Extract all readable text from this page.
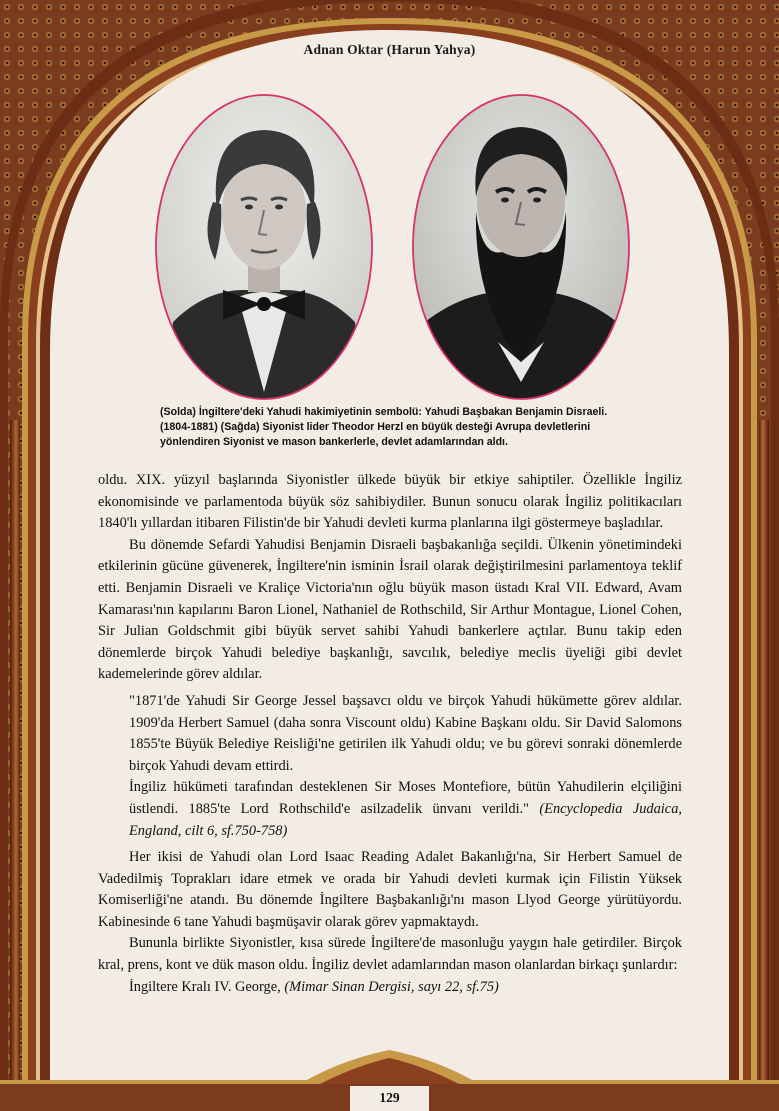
Adnan Oktar (Harun Yahya)
(Solda) İngiltere'deki Yahudi hakimiyetinin sembolü: Yahudi Başbakan Benjamin Disraeli. (1804-1881) (Sağda) Siyonist lider Theodor Herzl en büyük desteği Avrupa devletlerini yönlendiren Siyonist ve mason bankerlerle, devlet adamlarından aldı.

oldu. XIX. yüzyıl başlarında Siyonistler ülkede büyük bir etkiye sahiptiler. Özellikle İngiliz ekonomisinde ve parlamentoda büyük söz sahibiydiler. Bunun sonucu olarak İngiliz politikacıları 1840'lı yıllardan itibaren Filistin'de bir Yahudi devleti kurma planlarına ilgi göstermeye başladılar.

Bu dönemde Sefardi Yahudisi Benjamin Disraeli başbakanlığa seçildi. Ülkenin yönetimindeki etkilerinin gücüne güvenerek, İngiltere'nin isminin İsrail olarak değiştirilmesini parlamentoya teklif etti. Benjamin Disraeli ve Kraliçe Victoria'nın oğlu büyük mason üstadı Kral VII. Edward, Avam Kamarası'nın kapılarını Baron Lionel, Nathaniel de Rothschild, Sir Arthur Montague, Lionel Cohen, Sir Julian Goldschmit gibi büyük servet sahibi Yahudi bankerlere açtılar. Bunu takip eden dönemlerde birçok Yahudi belediye başkanlığı, savcılık, belediye meclis üyeliği gibi devlet kademelerinde görev aldılar.

"1871'de Yahudi Sir George Jessel başsavcı oldu ve birçok Yahudi hükümette görev aldılar. 1909'da Herbert Samuel (daha sonra Viscount oldu) Kabine Başkanı oldu. Sir David Salomons 1855'te Büyük Belediye Reisliği'ne getirilen ilk Yahudi oldu; ve bu görevi sonraki dönemlerde birçok Yahudi devam ettirdi.

İngiliz hükümeti tarafından desteklenen Sir Moses Montefiore, bütün Yahudilerin elçiliğini üstlendi. 1885'te Lord Rothschild'e asilzadelik ünvanı verildi." (Encyclopedia Judaica, England, cilt 6, sf.750-758)

Her ikisi de Yahudi olan Lord Isaac Reading Adalet Bakanlığı'na, Sir Herbert Samuel de Vadedilmiş Toprakları idare etmek ve orada bir Yahudi devleti kurmak için Filistin Yüksek Komiserliği'ne atandı. Bu dönemde İngiltere Başbakanlığı'nı mason Llyod George yürütüyordu. Kabinesinde 6 tane Yahudi başmüşavir olarak görev yapmaktaydı.

Bununla birlikte Siyonistler, kısa sürede İngiltere'de masonluğu yaygın hale getirdiler. Birçok kral, prens, kont ve dük mason oldu. İngiliz devlet adamlarından mason olanlardan birkaçı şunlardır:

İngiltere Kralı IV. George, (Mimar Sinan Dergisi, sayı 22, sf.75)

129
